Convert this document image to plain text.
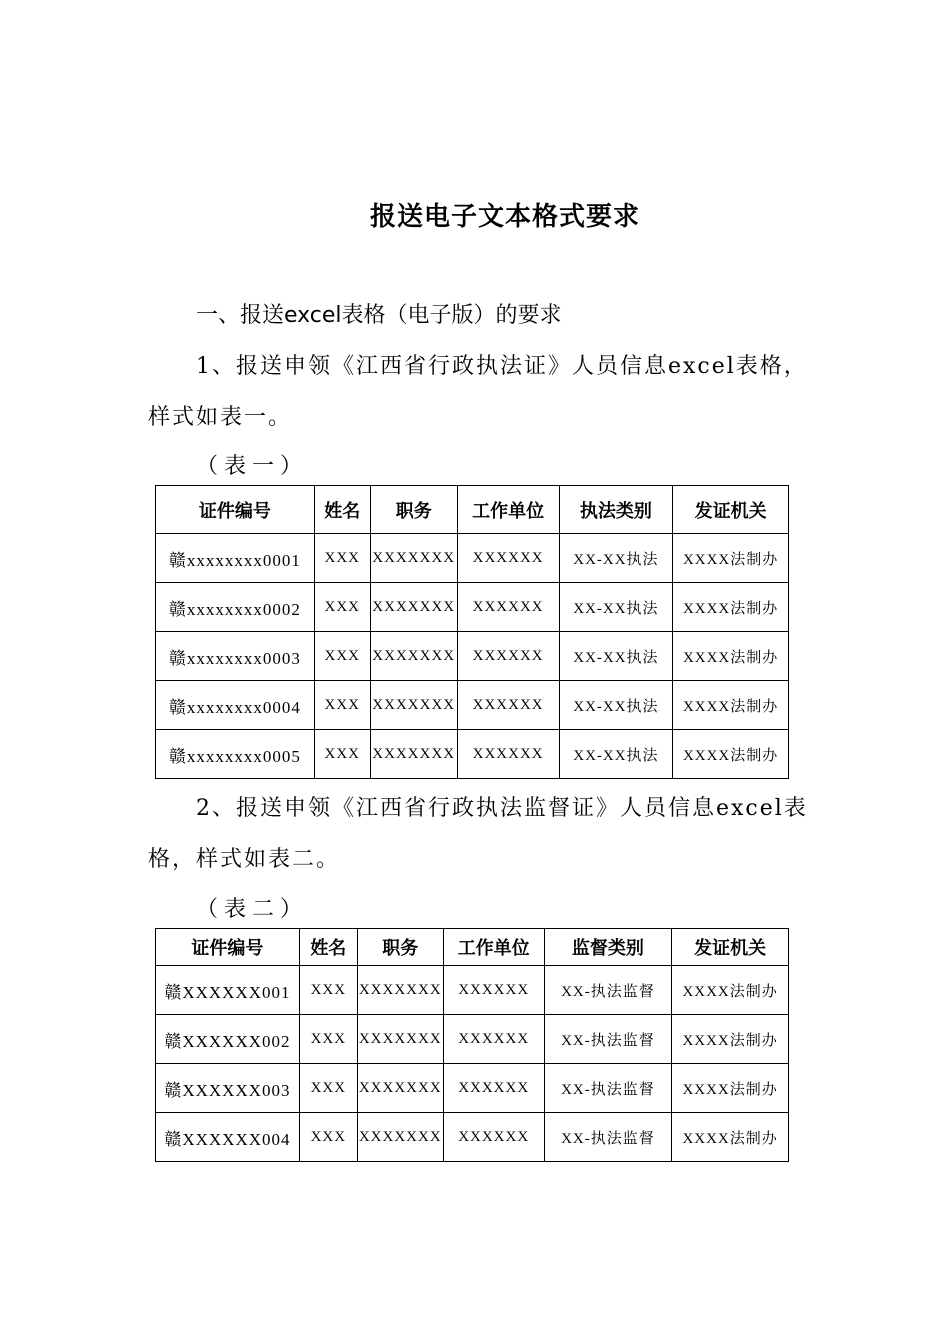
报送电子文本格式要求
一、报送excel表格（电子版）的要求
1、报送申领《江西省行政执法证》人员信息excel表格，
样式如表一。
（表一）
证件编号	姓名	职务	工作单位	执法类别	发证机关
赣xxxxxxxx0001	XXX	XXXXXXX	XXXXXX	XX-XX执法	XXXX法制办
赣xxxxxxxx0002	XXX	XXXXXXX	XXXXXX	XX-XX执法	XXXX法制办
赣xxxxxxxx0003	XXX	XXXXXXX	XXXXXX	XX-XX执法	XXXX法制办
赣xxxxxxxx0004	XXX	XXXXXXX	XXXXXX	XX-XX执法	XXXX法制办
赣xxxxxxxx0005	XXX	XXXXXXX	XXXXXX	XX-XX执法	XXXX法制办
2、报送申领《江西省行政执法监督证》人员信息excel表
格，样式如表二。
（表二）
证件编号	姓名	职务	工作单位	监督类别	发证机关
赣XXXXXX001	XXX	XXXXXXX	XXXXXX	XX-执法监督	XXXX法制办
赣XXXXXX002	XXX	XXXXXXX	XXXXXX	XX-执法监督	XXXX法制办
赣XXXXXX003	XXX	XXXXXXX	XXXXXX	XX-执法监督	XXXX法制办
赣XXXXXX004	XXX	XXXXXXX	XXXXXX	XX-执法监督	XXXX法制办
